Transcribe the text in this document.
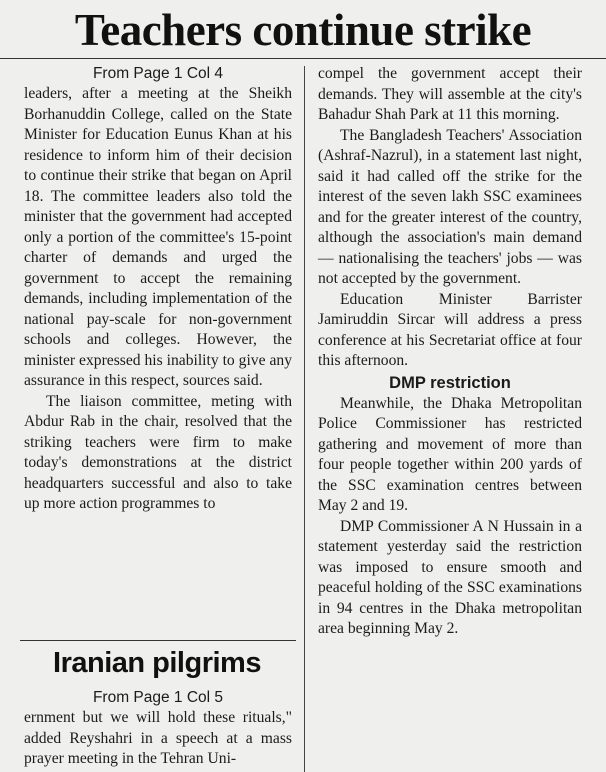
Teachers continue strike

From Page 1 Col 4

leaders, after a meeting at the Sheikh Borhanuddin College, called on the State Minister for Education Eunus Khan at his residence to inform him of their decision to continue their strike that began on April 18. The committee leaders also told the minister that the government had accepted only a portion of the committee's 15-point charter of demands and urged the government to accept the remaining demands, including implementation of the national pay-scale for non-government schools and colleges. However, the minister expressed his inability to give any assurance in this respect, sources said.

The liaison committee, meting with Abdur Rab in the chair, resolved that the striking teachers were firm to make today's demonstrations at the district headquarters successful and also to take up more action programmes to

compel the government accept their demands. They will assemble at the city's Bahadur Shah Park at 11 this morning.

The Bangladesh Teachers' Association (Ashraf-Nazrul), in a statement last night, said it had called off the strike for the interest of the seven lakh SSC examinees and for the greater interest of the country, although the association's main demand — nationalising the teachers' jobs — was not accepted by the government.

Education Minister Barrister Jamiruddin Sircar will address a press conference at his Secretariat office at four this afternoon.

DMP restriction

Meanwhile, the Dhaka Metropolitan Police Commissioner has restricted gathering and movement of more than four people together within 200 yards of the SSC examination centres between May 2 and 19.

DMP Commissioner A N Hussain in a statement yesterday said the restriction was imposed to ensure smooth and peaceful holding of the SSC examinations in 94 centres in the Dhaka metropolitan area beginning May 2.

Iranian pilgrims

From Page 1 Col 5

ernment but we will hold these rituals," added Reyshahri in a speech at a mass prayer meeting in the Tehran Uni-
